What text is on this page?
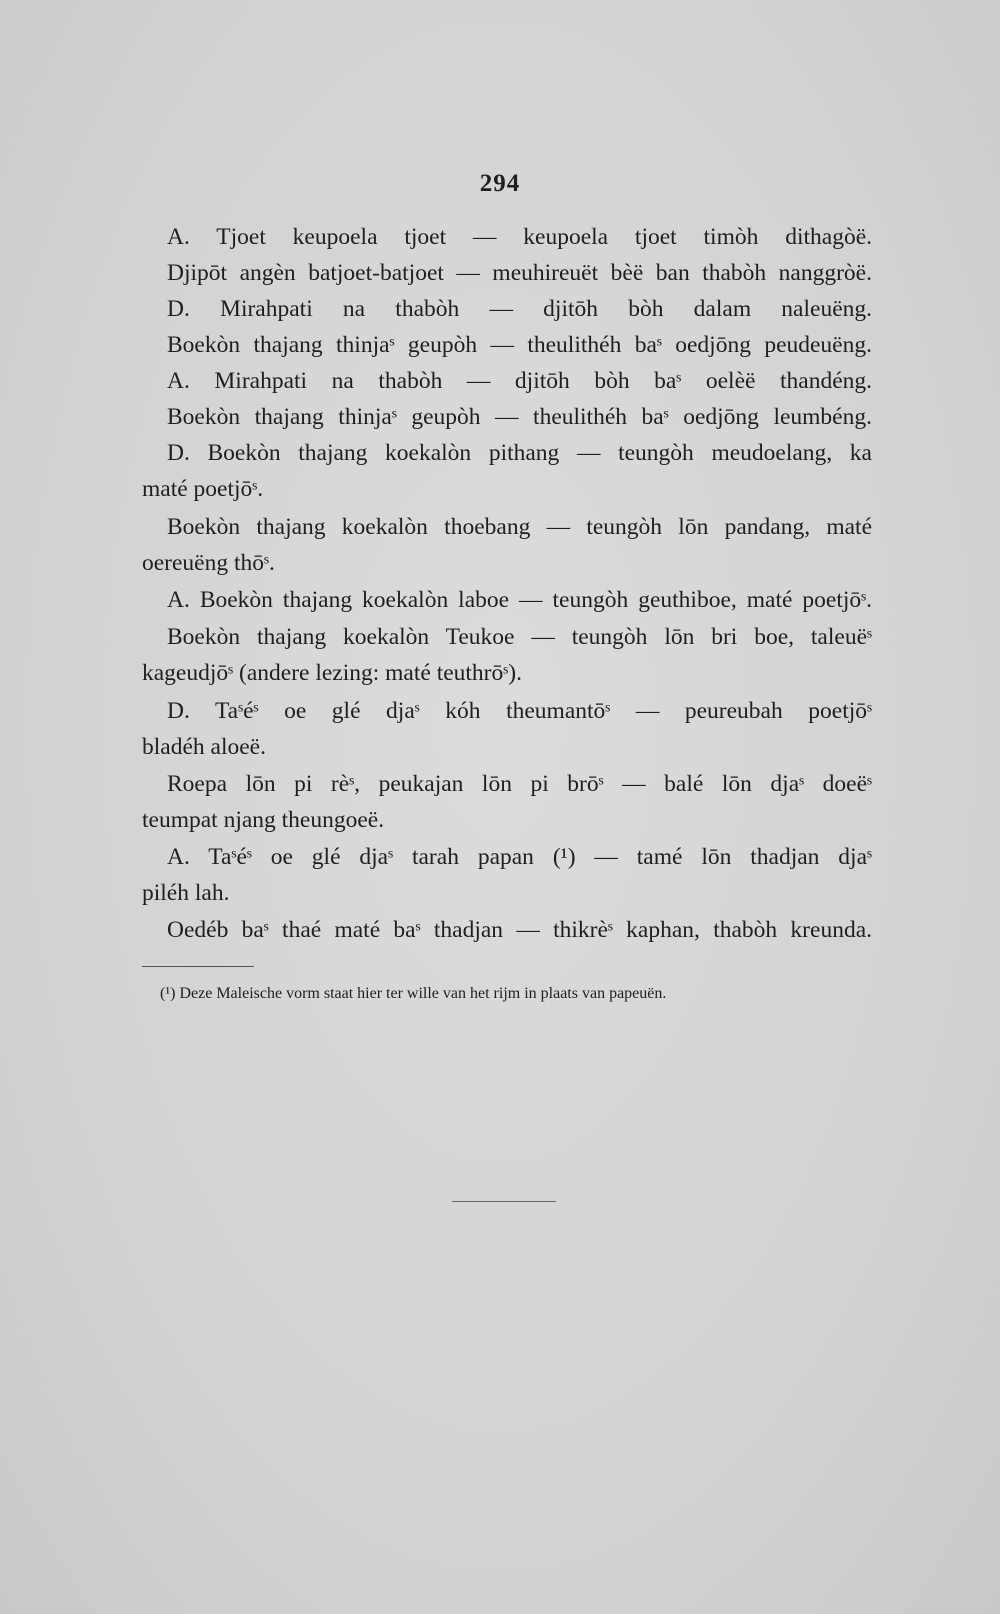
294
A. Tjoet keupoela tjoet — keupoela tjoet timòh dithagòë.
Djipōt angèn batjoet-batjoet — meuhireuët bèë ban thabòh nanggròë.
D. Mirahpati na thabòh — djitōh bòh dalam naleuëng.
Boekòn thajang thinjaˢ geupòh — theulithéh baˢ oedjōng peudeuëng.
A. Mirahpati na thabòh — djitōh bòh baˢ oelèë thandéng.
Boekòn thajang thinjaˢ geupòh — theulithéh baˢ oedjōng leumbéng.
D. Boekòn thajang koekalòn pithang — teungòh meudoelang, ka
maté poetjōˢ.
Boekòn thajang koekalòn thoebang — teungòh lōn pandang, maté
oereuëng thōˢ.
A. Boekòn thajang koekalòn laboe — teungòh geuthiboe, maté poetjōˢ.
Boekòn thajang koekalòn Teukoe — teungòh lōn bri boe, taleuëˢ
kageudjōˢ (andere lezing: maté teuthrōˢ).
D. Taˢéˢ oe glé djaˢ kóh theumantōˢ — peureubah poetjōˢ
bladéh aloeë.
Roepa lōn pi rèˢ, peukajan lōn pi brōˢ — balé lōn djaˢ doeëˢ
teumpat njang theungoeë.
A. Taˢéˢ oe glé djaˢ tarah papan (¹) — tamé lōn thadjan djaˢ
piléh lah.
Oedéb baˢ thaé maté baˢ thadjan — thikrèˢ kaphan, thabòh kreunda.
(¹) Deze Maleische vorm staat hier ter wille van het rijm in plaats van papeuën.
